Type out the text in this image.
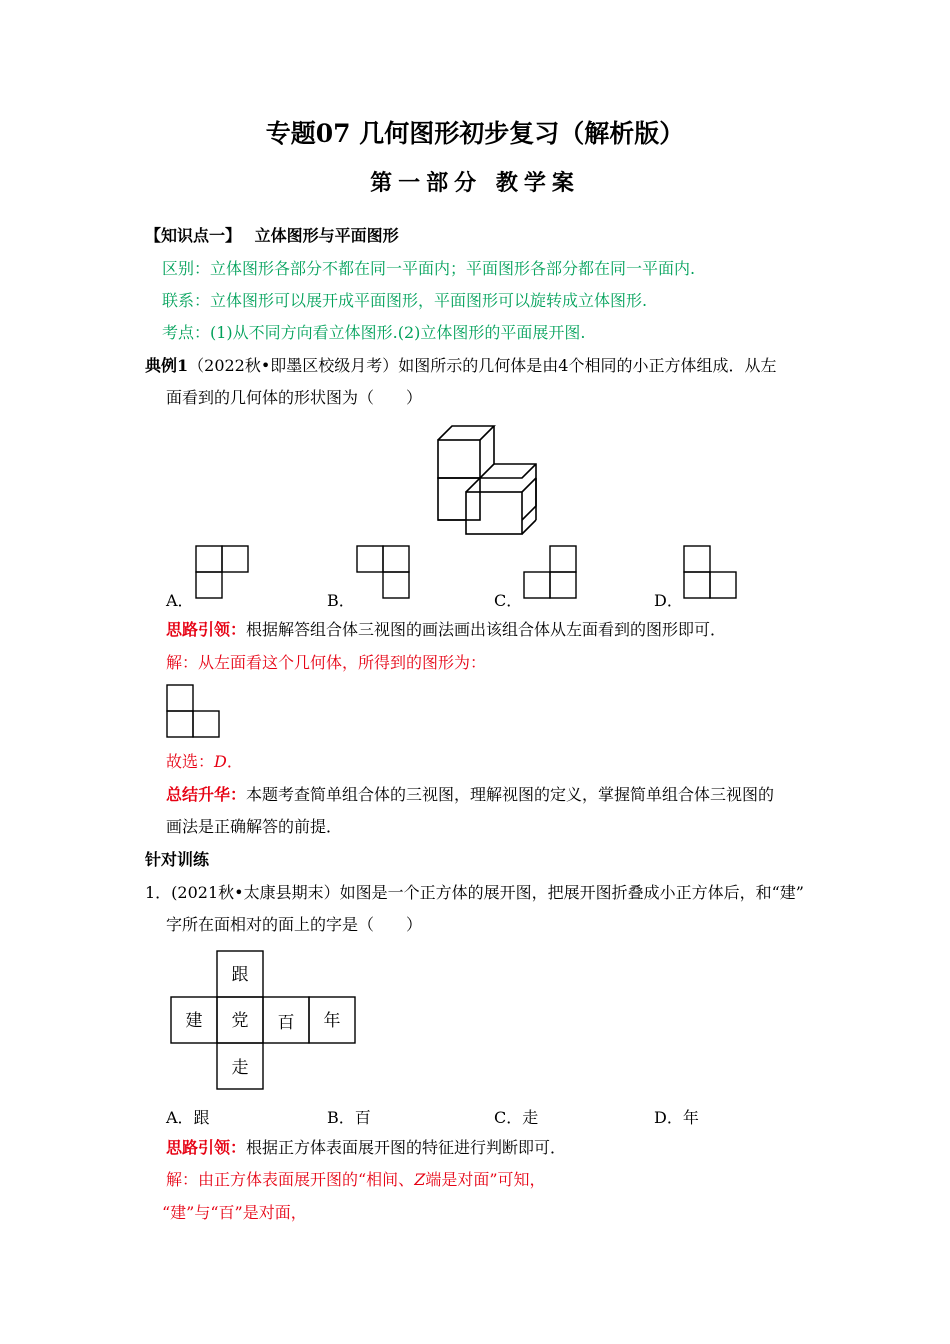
专题07 几何图形初步复习（解析版）
第一部分 教学案
【知识点一】 立体图形与平面图形
区别：立体图形各部分不都在同一平面内；平面图形各部分都在同一平面内.
联系：立体图形可以展开成平面图形，平面图形可以旋转成立体图形.
考点：(1)从不同方向看立体图形.(2)立体图形的平面展开图.
典例1（2022秋•即墨区校级月考）如图所示的几何体是由4个相同的小正方体组成．从左
面看到的几何体的形状图为（　　）
A．	B．	C．	D．
思路引领：根据解答组合体三视图的画法画出该组合体从左面看到的图形即可．
解：从左面看这个几何体，所得到的图形为：
故选：D．
总结升华：本题考查简单组合体的三视图，理解视图的定义，掌握简单组合体三视图的
画法是正确解答的前提．
针对训练
1．(2021秋•太康县期末）如图是一个正方体的展开图，把展开图折叠成小正方体后，和“建”
字所在面相对的面上的字是（　　）
跟
建 党 百 年
走
A．跟	B．百	C．走	D．年
思路引领：根据正方体表面展开图的特征进行判断即可．
解：由正方体表面展开图的“相间、Z端是对面”可知，
“建”与“百”是对面，
